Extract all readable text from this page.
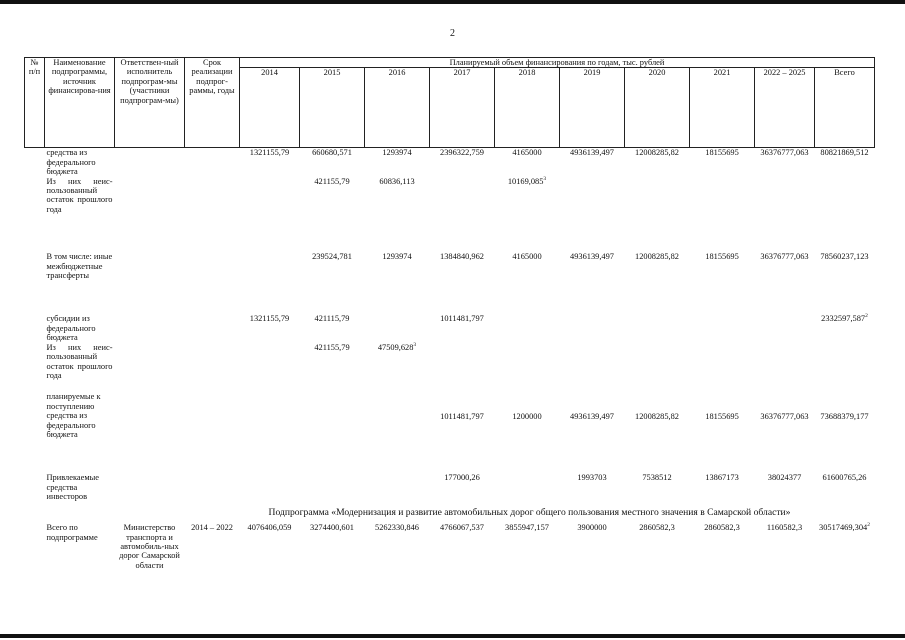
2
№ п/п	Наименование подпрограммы, источник финансирова-ния	Ответствен-ный исполнитель подпрограм-мы (участники подпрограм-мы)	Срок реализации подпрог-раммы, годы	Планируемый объем финансирования по годам, тыс. рублей									
				2014	2015	2016	2017	2018	2019	2020	2021	2022 – 2025	Всего
	средства из федерального бюджета			1321155,79	660680,571	1293974	2396322,759	4165000	4936139,497	12008285,82	18155695	36376777,063	80821869,512
	Из них неис-пользованный остаток прошлого года				421155,79	60836,113		10169,085$^3$					
	В том числе: иные межбюджетные трансферты				239524,781	1293974	1384840,962	4165000	4936139,497	12008285,82	18155695	36376777,063	78560237,123
	субсидии из федерального бюджета			1321155,79	421115,79		1011481,797						2332597,587$^2$
	Из них неис-пользованный остаток прошлого года				421155,79	47509,628$^3$							
	планируемые к поступлению средства из федерального бюджета						1011481,797	1200000	4936139,497	12008285,82	18155695	36376777,063	73688379,177
	Привлекаемые средства инвесторов						177000,26		1993703	7538512	13867173	38024377	61600765,26
			Подпрограмма «Модернизация и развитие автомобильных дорог общего пользования местного значения в Самарской области»										
	Всего по подпрограмме	Министерство транспорта и автомобиль-ных дорог Самарской области	2014 – 2022	4076406,059	3274400,601	5262330,846	4766067,537	3855947,157	3900000	2860582,3	2860582,3	1160582,3	30517469,304$^2$
